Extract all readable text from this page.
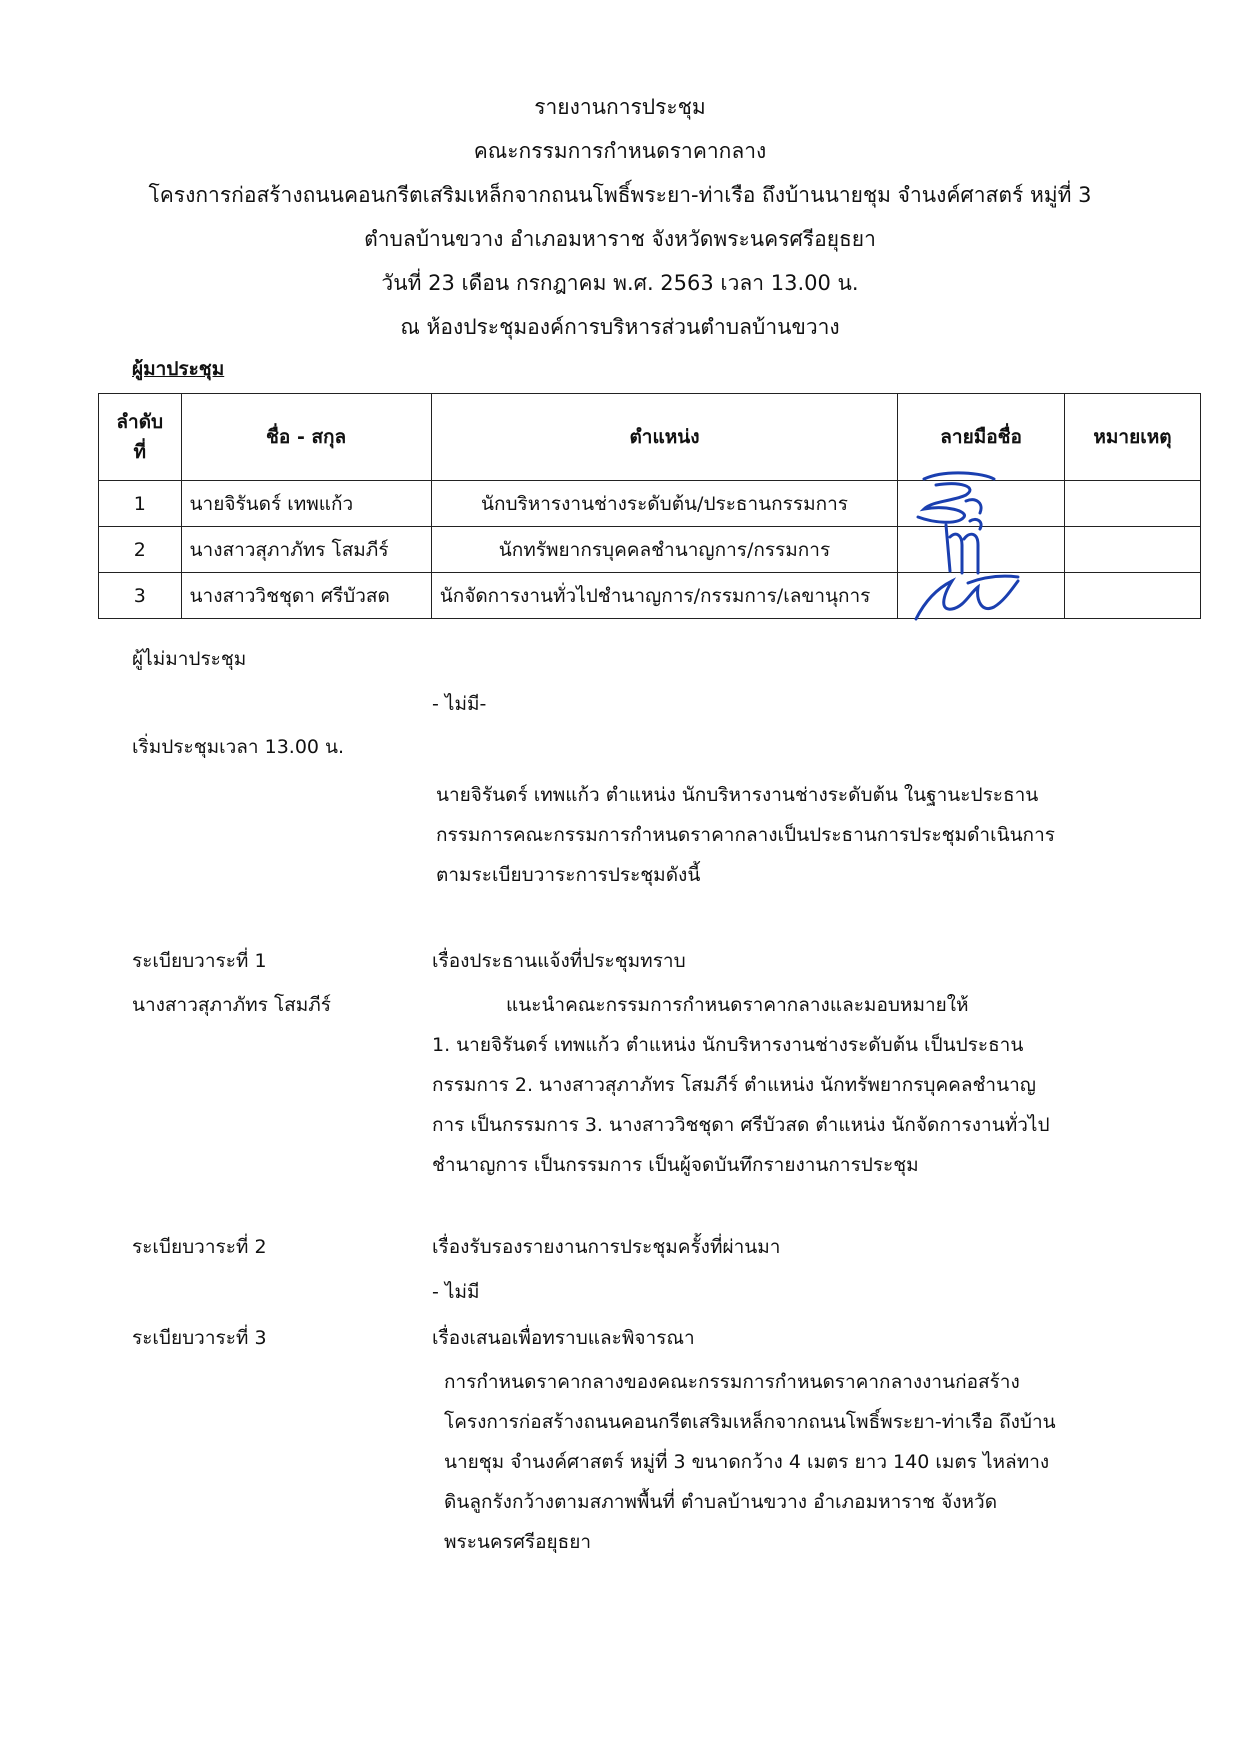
รายงานการประชุม
คณะกรรมการกำหนดราคากลาง
โครงการก่อสร้างถนนคอนกรีตเสริมเหล็กจากถนนโพธิ์พระยา-ท่าเรือ ถึงบ้านนายชุม จำนงค์ศาสตร์ หมู่ที่ 3
ตำบลบ้านขวาง อำเภอมหาราช จังหวัดพระนครศรีอยุธยา
วันที่ 23 เดือน กรกฎาคม พ.ศ. 2563 เวลา 13.00 น.
ณ ห้องประชุมองค์การบริหารส่วนตำบลบ้านขวาง
ผู้มาประชุม
ลำดับ
ที่	ชื่อ - สกุล	ตำแหน่ง	ลายมือชื่อ	หมายเหตุ
1	นายจิรันดร์ เทพแก้ว	นักบริหารงานช่างระดับต้น/ประธานกรรมการ	

2	นางสาวสุภาภัทร โสมภีร์	นักทรัพยากรบุคคลชำนาญการ/กรรมการ	

3	นางสาววิชชุดา ศรีบัวสด	นักจัดการงานทั่วไปชำนาญการ/กรรมการ/เลขานุการ	

ผู้ไม่มาประชุม
- ไม่มี-
เริ่มประชุมเวลา 13.00 น.
นายจิรันดร์ เทพแก้ว ตำแหน่ง นักบริหารงานช่างระดับต้น ในฐานะประธาน
กรรมการคณะกรรมการกำหนดราคากลางเป็นประธานการประชุมดำเนินการ
ตามระเบียบวาระการประชุมดังนี้
ระเบียบวาระที่ 1	เรื่องประธานแจ้งที่ประชุมทราบ
นางสาวสุภาภัทร โสมภีร์	แนะนำคณะกรรมการกำหนดราคากลางและมอบหมายให้
1. นายจิรันดร์ เทพแก้ว ตำแหน่ง นักบริหารงานช่างระดับต้น เป็นประธาน
กรรมการ 2. นางสาวสุภาภัทร โสมภีร์ ตำแหน่ง นักทรัพยากรบุคคลชำนาญ
การ เป็นกรรมการ 3. นางสาววิชชุดา ศรีบัวสด ตำแหน่ง นักจัดการงานทั่วไป
ชำนาญการ เป็นกรรมการ เป็นผู้จดบันทึกรายงานการประชุม
ระเบียบวาระที่ 2	เรื่องรับรองรายงานการประชุมครั้งที่ผ่านมา
- ไม่มี
ระเบียบวาระที่ 3	เรื่องเสนอเพื่อทราบและพิจารณา
การกำหนดราคากลางของคณะกรรมการกำหนดราคากลางงานก่อสร้าง
โครงการก่อสร้างถนนคอนกรีตเสริมเหล็กจากถนนโพธิ์พระยา-ท่าเรือ ถึงบ้าน
นายชุม จำนงค์ศาสตร์ หมู่ที่ 3 ขนาดกว้าง 4 เมตร ยาว 140 เมตร ไหล่ทาง
ดินลูกรังกว้างตามสภาพพื้นที่ ตำบลบ้านขวาง อำเภอมหาราช จังหวัด
พระนครศรีอยุธยา
